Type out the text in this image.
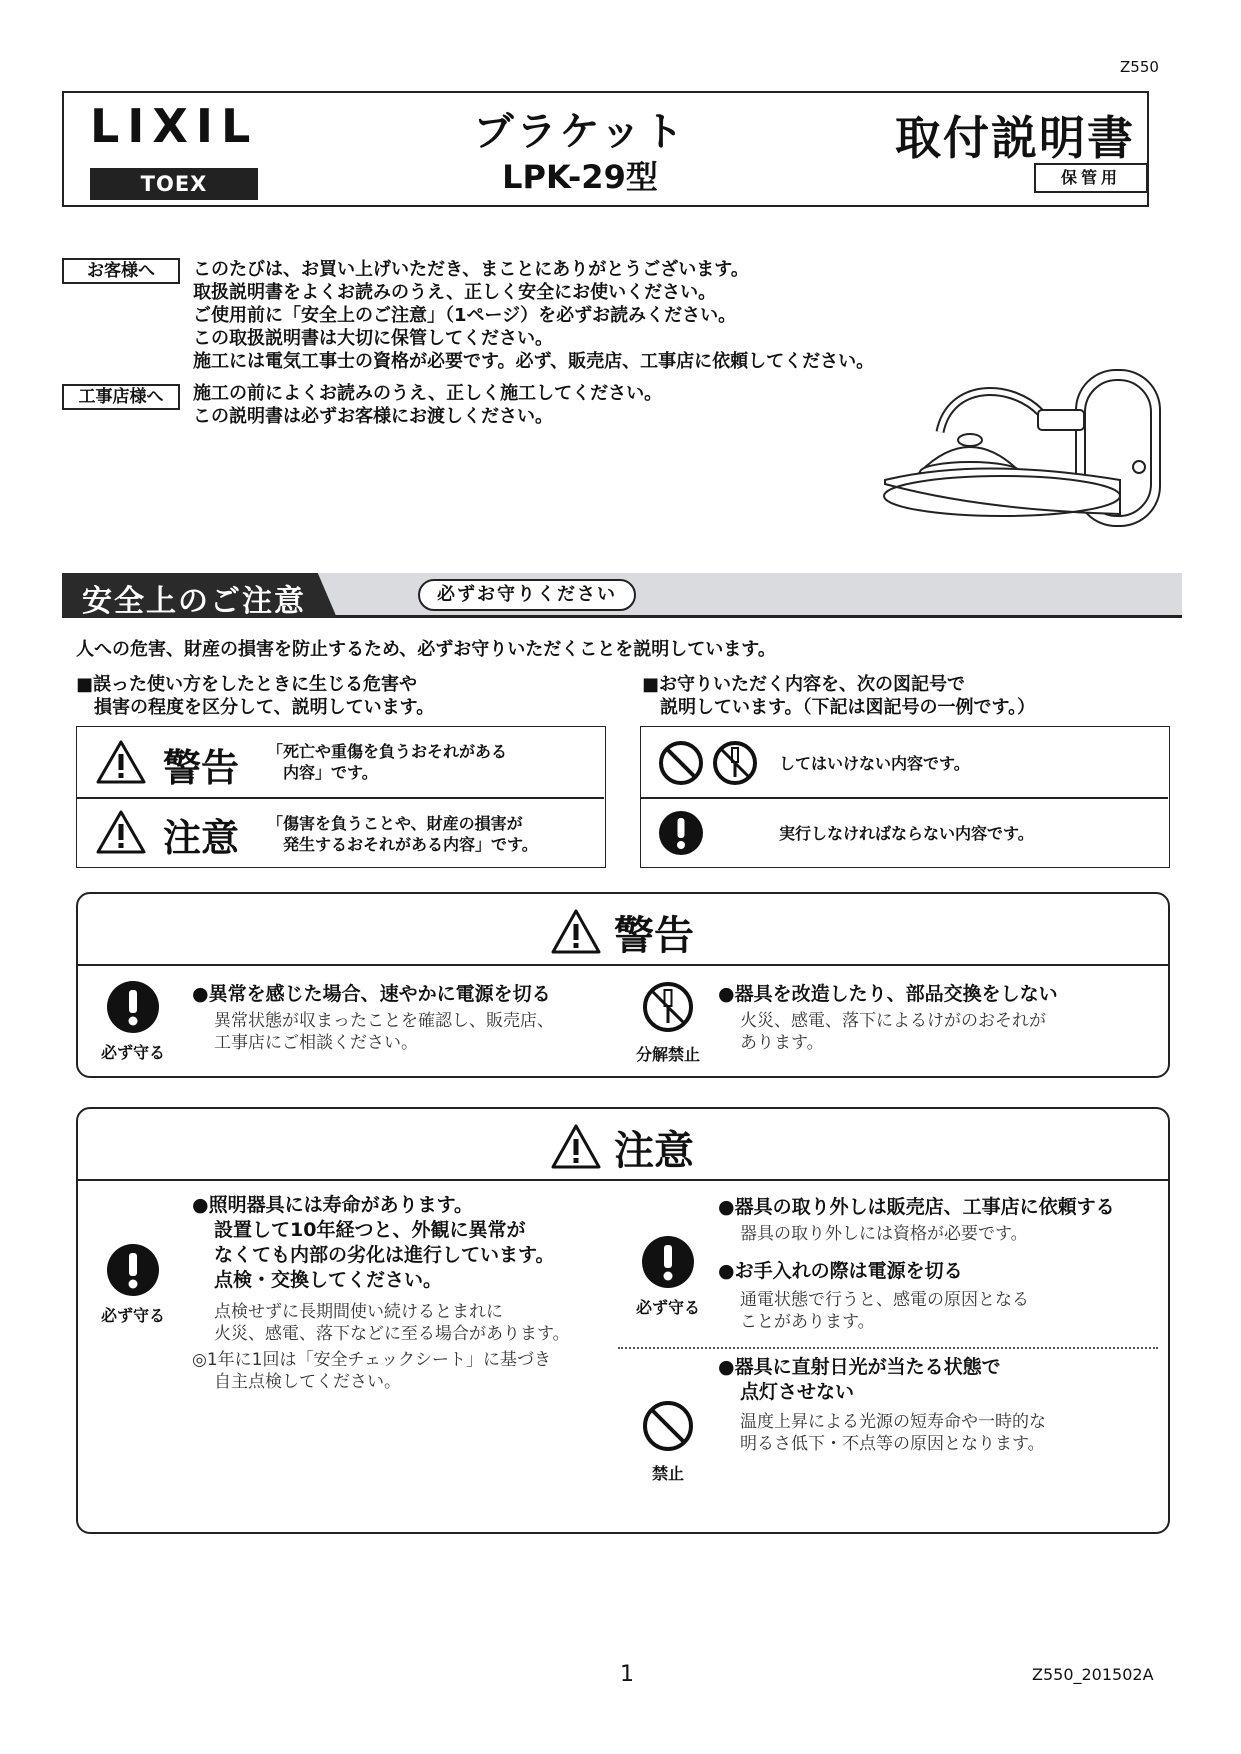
Z550
LIXIL
TOEX
ブラケット
LPK-29型
取付説明書
保管用
お客様へ	このたびは、お買い上げいただき、まことにありがとうございます。
取扱説明書をよくお読みのうえ、正しく安全にお使いください。
ご使用前に「安全上のご注意」（1ページ）を必ずお読みください。
この取扱説明書は大切に保管してください。
施工には電気工事士の資格が必要です。必ず、販売店、工事店に依頼してください。
工事店様へ	施工の前によくお読みのうえ、正しく施工してください。
この説明書は必ずお客様にお渡しください。
安全上のご注意	必ずお守りください
人への危害、財産の損害を防止するため、必ずお守りいただくことを説明しています。
■誤った使い方をしたときに生じる危害や
　損害の程度を区分して、説明しています。
■お守りいただく内容を、次の図記号で
　説明しています。（下記は図記号の一例です。）
警告 「死亡や重傷を負うおそれがある
　内容」です。
注意 「傷害を負うことや、財産の損害が
　発生するおそれがある内容」です。
してはいけない内容です。
実行しなければならない内容です。
警告
必ず守る
●異常を感じた場合、速やかに電源を切る
異常状態が収まったことを確認し、販売店、
工事店にご相談ください。
分解禁止
●器具を改造したり、部品交換をしない
火災、感電、落下によるけがのおそれが
あります。
注意
必ず守る
●照明器具には寿命があります。
設置して10年経つと、外観に異常が
なくても内部の劣化は進行しています。
点検・交換してください。
点検せずに長期間使い続けるとまれに
火災、感電、落下などに至る場合があります。
◎1年に1回は「安全チェックシート」に基づき
自主点検してください。
必ず守る
●器具の取り外しは販売店、工事店に依頼する
器具の取り外しには資格が必要です。
●お手入れの際は電源を切る
通電状態で行うと、感電の原因となる
ことがあります。
禁止
●器具に直射日光が当たる状態で
点灯させない
温度上昇による光源の短寿命や一時的な
明るさ低下・不点等の原因となります。
1	Z550_201502A
